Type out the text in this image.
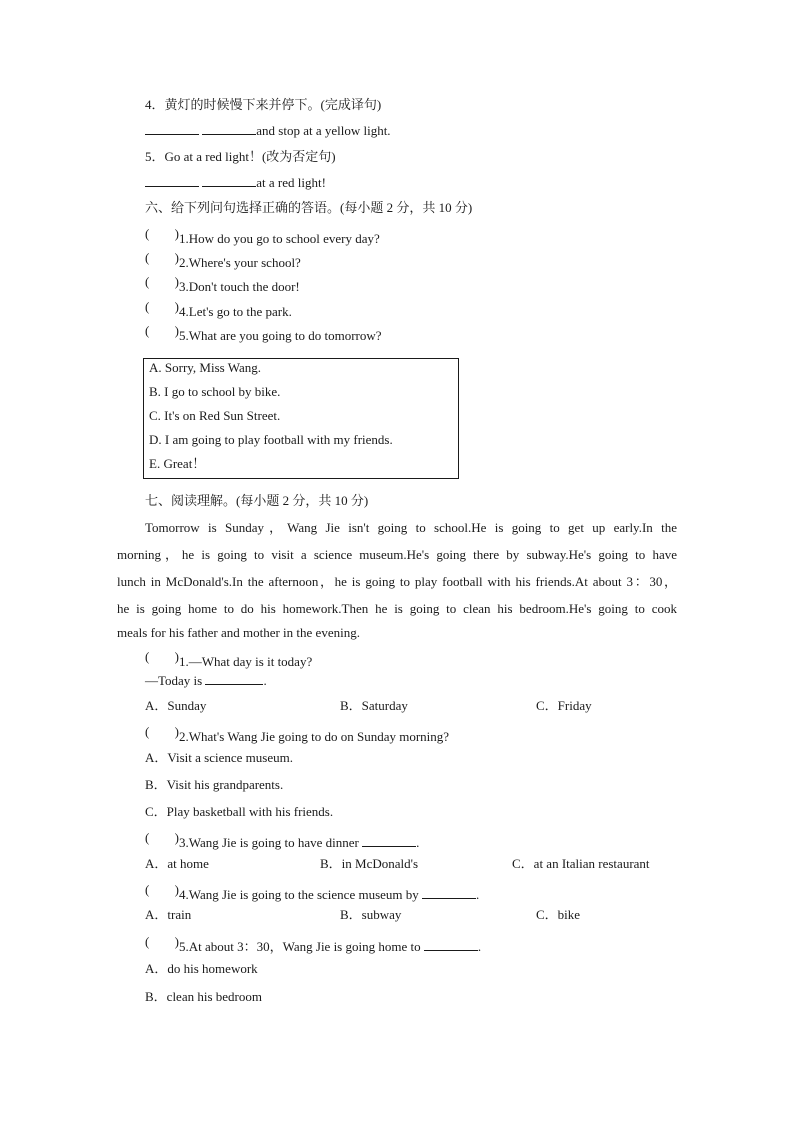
4．黄灯的时候慢下来并停下。(完成译句)
and stop at a yellow light.
5．Go at a red light！(改为否定句)
at a red light!
六、给下列问句选择正确的答语。(每小题 2 分，共 10 分)
( ) 1.How do you go to school every day?
( ) 2.Where's your school?
( ) 3.Don't touch the door!
( ) 4.Let's go to the park.
( ) 5.What are you going to do tomorrow?
A. Sorry, Miss Wang.
B. I go to school by bike.
C. It's on Red Sun Street.
D. I am going to play football with my friends.
E. Great！
七、阅读理解。(每小题 2 分，共 10 分)
Tomorrow is Sunday，Wang Jie isn't going to school.He is going to get up early.In the
morning，he is going to visit a science museum.He's going there by subway.He's going to have
lunch in McDonald's.In the afternoon，he is going to play football with his friends.At about 3：30，
he is going home to do his homework.Then he is going to clean his bedroom.He's going to cook
meals for his father and mother in the evening.
( ) 1.—What day is it today?
—Today is	.
A．Sunday	B．Saturday	C．Friday
( ) 2.What's Wang Jie going to do on Sunday morning?
A．Visit a science museum.
B．Visit his grandparents.
C．Play basketball with his friends.
( ) 3.Wang Jie is going to have dinner	.
A．at home	B．in McDonald's	C．at an Italian restaurant
( ) 4.Wang Jie is going to the science museum by	.
A．train	B．subway	C．bike
( ) 5.At about 3：30，Wang Jie is going home to	.
A．do his homework
B．clean his bedroom
